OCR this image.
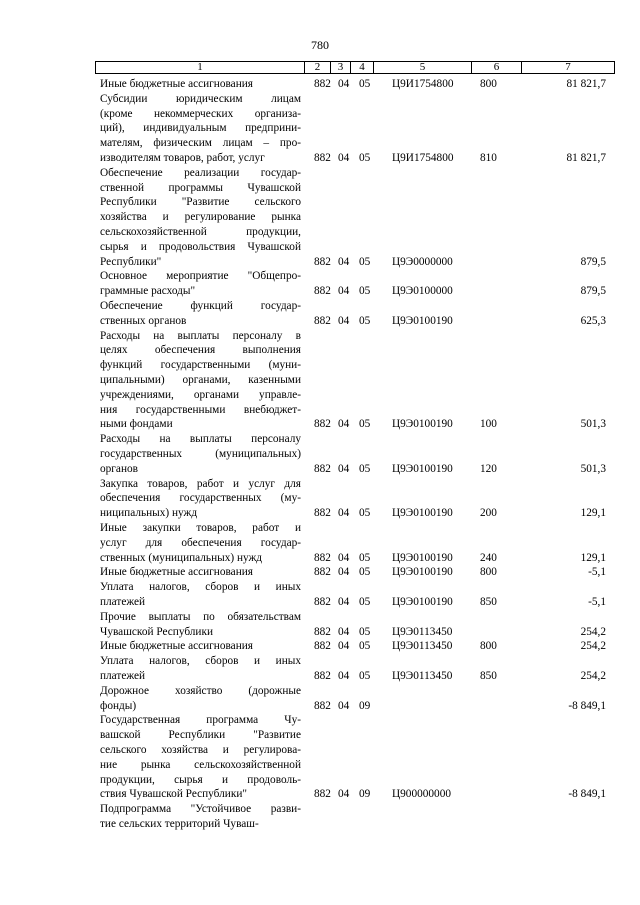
780
1	2	3	4	5	6	7
Иные бюджетные ассигнования	882 04 05 Ц9И1754800 800	81 821,7
Субсидии юридическим лицам
(кроме некоммерческих организа-
ций), индивидуальным предприни-
мателям, физическим лицам – про-
изводителям товаров, работ, услуг	882 04 05 Ц9И1754800 810	81 821,7
Обеспечение реализации государ-
ственной программы Чувашской
Республики "Развитие сельского
хозяйства и регулирование рынка
сельскохозяйственной продукции,
сырья и продовольствия Чувашской
Республики"	882 04 05 Ц9Э0000000	879,5
Основное мероприятие "Общепро-
граммные расходы"	882 04 05 Ц9Э0100000	879,5
Обеспечение функций государ-
ственных органов	882 04 05 Ц9Э0100190	625,3
Расходы на выплаты персоналу в
целях обеспечения выполнения
функций государственными (муни-
ципальными) органами, казенными
учреждениями, органами управле-
ния государственными внебюджет-
ными фондами	882 04 05 Ц9Э0100190 100	501,3
Расходы на выплаты персоналу
государственных (муниципальных)
органов	882 04 05 Ц9Э0100190 120	501,3
Закупка товаров, работ и услуг для
обеспечения государственных (му-
ниципальных) нужд	882 04 05 Ц9Э0100190 200	129,1
Иные закупки товаров, работ и
услуг для обеспечения государ-
ственных (муниципальных) нужд	882 04 05 Ц9Э0100190 240	129,1
Иные бюджетные ассигнования	882 04 05 Ц9Э0100190 800	-5,1
Уплата налогов, сборов и иных
платежей	882 04 05 Ц9Э0100190 850	-5,1
Прочие выплаты по обязательствам
Чувашской Республики	882 04 05 Ц9Э0113450	254,2
Иные бюджетные ассигнования	882 04 05 Ц9Э0113450 800	254,2
Уплата налогов, сборов и иных
платежей	882 04 05 Ц9Э0113450 850	254,2
Дорожное хозяйство (дорожные
фонды)	882 04 09	-8 849,1
Государственная программа Чу-
вашской Республики "Развитие
сельского хозяйства и регулирова-
ние рынка сельскохозяйственной
продукции, сырья и продоволь-
ствия Чувашской Республики"	882 04 09 Ц900000000	-8 849,1
Подпрограмма "Устойчивое разви-
тие сельских территорий Чуваш-
